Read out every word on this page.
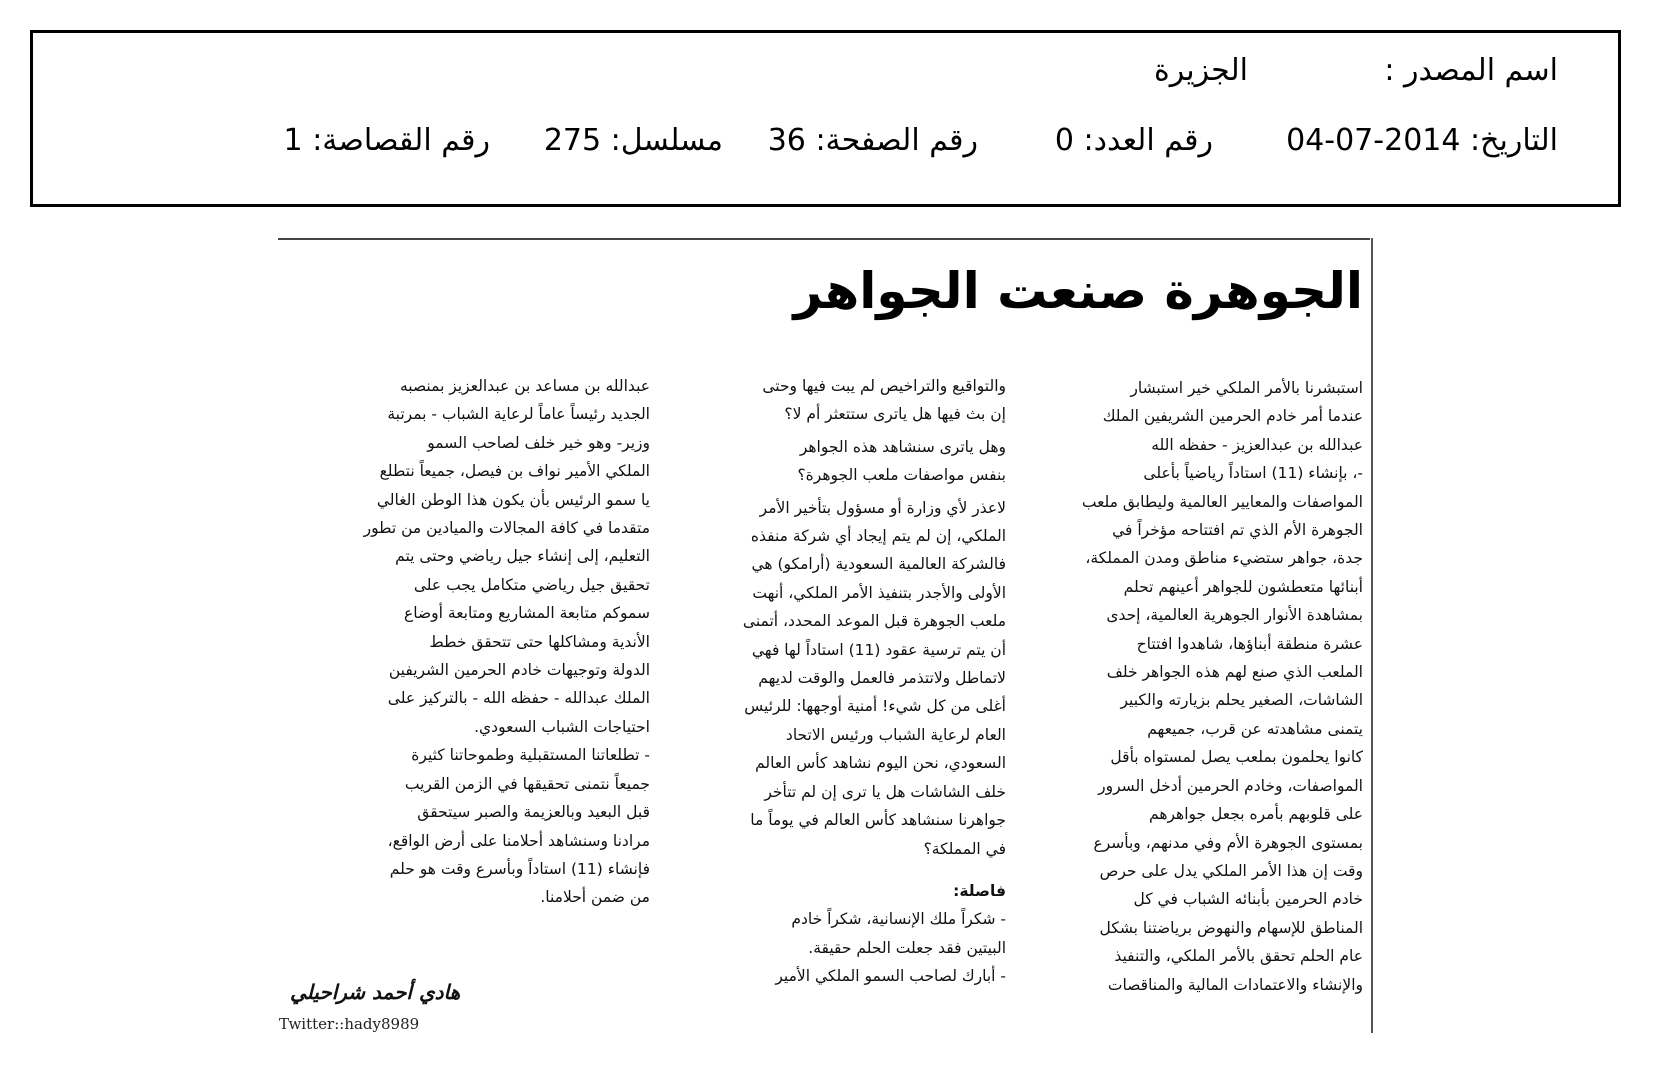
اسم المصدر :
الجزيرة
التاريخ: 2014-07-04
رقم العدد: 0
رقم الصفحة: 36
مسلسل: 275
رقم القصاصة: 1
الجوهرة صنعت الجواهر

استبشرنا بالأمر الملكي خير استبشار

عندما أمر خادم الحرمين الشريفين الملك

عبدالله بن عبدالعزيز - حفظه الله

-، بإنشاء (11) استاداً رياضياً بأعلى

المواصفات والمعايير العالمية وليطابق ملعب

الجوهرة الأم الذي تم افتتاحه مؤخراً في

جدة، جواهر ستضيء مناطق ومدن المملكة،

أبنائها متعطشون للجواهر أعينهم تحلم

بمشاهدة الأنوار الجوهرية العالمية، إحدى

عشرة منطقة أبناؤها، شاهدوا افتتاح

الملعب الذي صنع لهم هذه الجواهر خلف

الشاشات، الصغير يحلم بزيارته والكبير

يتمنى مشاهدته عن قرب، جميعهم

كانوا يحلمون بملعب يصل لمستواه بأقل

المواصفات، وخادم الحرمين أدخل السرور

على قلوبهم بأمره بجعل جواهرهم

بمستوى الجوهرة الأم وفي مدنهم، وبأسرع

وقت إن هذا الأمر الملكي يدل على حرص

خادم الحرمين بأبنائه الشباب في كل

المناطق للإسهام والنهوض برياضتنا بشكل

عام الحلم تحقق بالأمر الملكي، والتنفيذ

والإنشاء والاعتمادات المالية والمناقصات

والتواقيع والتراخيص لم يبت فيها وحتى

إن بث فيها هل ياترى ستتعثر أم لا؟

وهل ياترى سنشاهد هذه الجواهر

بنفس مواصفات ملعب الجوهرة؟

لاعذر لأي وزارة أو مسؤول بتأخير الأمر

الملكي، إن لم يتم إيجاد أي شركة منفذه

فالشركة العالمية السعودية (أرامكو) هي

الأولى والأجدر بتنفيذ الأمر الملكي، أنهت

ملعب الجوهرة قبل الموعد المحدد، أتمنى

أن يتم ترسية عقود (11) استاداً لها فهي

لاتماطل ولاتتذمر فالعمل والوقت لديهم

أغلى من كل شيء! أمنية أوجهها: للرئيس

العام لرعاية الشباب ورئيس الاتحاد

السعودي، نحن اليوم نشاهد كأس العالم

خلف الشاشات هل يا ترى إن لم تتأخر

جواهرنا سنشاهد كأس العالم في يوماً ما

في المملكة؟

فاصلة:

- شكراً ملك الإنسانية، شكراً خادم

البيتين فقد جعلت الحلم حقيقة.

- أبارك لصاحب السمو الملكي الأمير

عبدالله بن مساعد بن عبدالعزيز بمنصبه

الجديد رئيساً عاماً لرعاية الشباب - بمرتبة

وزير- وهو خير خلف لصاحب السمو

الملكي الأمير نواف بن فيصل، جميعاً نتطلع

يا سمو الرئيس بأن يكون هذا الوطن الغالي

متقدما في كافة المجالات والميادين من تطور

التعليم، إلى إنشاء جيل رياضي وحتى يتم

تحقيق جيل رياضي متكامل يجب على

سموكم متابعة المشاريع ومتابعة أوضاع

الأندية ومشاكلها حتى تتحقق خطط

الدولة وتوجيهات خادم الحرمين الشريفين

الملك عبدالله - حفظه الله - بالتركيز على

احتياجات الشباب السعودي.

- تطلعاتنا المستقبلية وطموحاتنا كثيرة

جميعاً نتمنى تحقيقها في الزمن القريب

قبل البعيد وبالعزيمة والصبر سيتحقق

مرادنا وسنشاهد أحلامنا على أرض الواقع،

فإنشاء (11) استاداً وبأسرع وقت هو حلم

من ضمن أحلامنا.

هادي أحمد شراحيلي
Twitter::hady8989
